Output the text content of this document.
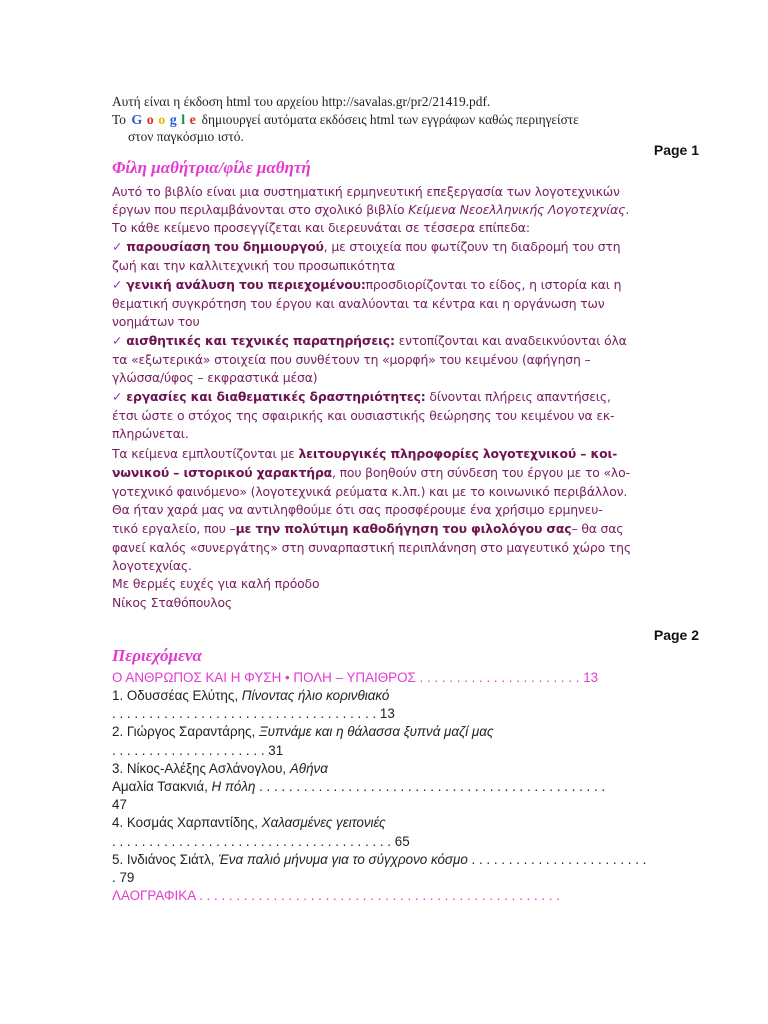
Αυτή είναι η έκδοση html του αρχείου http://savalas.gr/pr2/21419.pdf.
Το G o o g l e δημιουργεί αυτόματα εκδόσεις html των εγγράφων καθώς περιηγείστε
στον παγκόσμιο ιστό.
Page 1
Φίλη μαθήτρια/φίλε μαθητή
Αυτό το βιβλίο είναι μια συστηματική ερμηνευτική επεξεργασία των λογοτεχνικών
έργων που περιλαμβάνονται στο σχολικό βιβλίο Κείμενα Νεοελληνικής Λογοτεχνίας.
Το κάθε κείμενο προσεγγίζεται και διερευνάται σε τέσσερα επίπεδα:
✓ παρουσίαση του δημιουργού, με στοιχεία που φωτίζουν τη διαδρομή του στη
ζωή και την καλλιτεχνική του προσωπικότητα
✓ γενική ανάλυση του περιεχομένου:προσδιορίζονται το είδος, η ιστορία και η
θεματική συγκρότηση του έργου και αναλύονται τα κέντρα και η οργάνωση των
νοημάτων του
✓ αισθητικές και τεχνικές παρατηρήσεις: εντοπίζονται και αναδεικνύονται όλα
τα «εξωτερικά» στοιχεία που συνθέτουν τη «μορφή» του κειμένου (αφήγηση –
γλώσσα/ύφος – εκφραστικά μέσα)
✓ εργασίες και διαθεματικές δραστηριότητες: δίνονται πλήρεις απαντήσεις,
έτσι ώστε ο στόχος της σφαιρικής και ουσιαστικής θεώρησης του κειμένου να εκ-
πληρώνεται.
Τα κείμενα εμπλουτίζονται με λειτουργικές πληροφορίες λογοτεχνικού – κοι-
νωνικού – ιστορικού χαρακτήρα, που βοηθούν στη σύνδεση του έργου με το «λο-
γοτεχνικό φαινόμενο» (λογοτεχνικά ρεύματα κ.λπ.) και με το κοινωνικό περιβάλλον.
Θα ήταν χαρά μας να αντιληφθούμε ότι σας προσφέρουμε ένα χρήσιμο ερμηνευ-
τικό εργαλείο, που –με την πολύτιμη καθοδήγηση του φιλολόγου σας– θα σας
φανεί καλός «συνεργάτης» στη συναρπαστική περιπλάνηση στο μαγευτικό χώρο της
λογοτεχνίας.
Με θερμές ευχές για καλή πρόοδο
Νίκος Σταθόπουλος
Page 2
Περιεχόμενα
Ο ΑΝΘΡΩΠΟΣ ΚΑΙ Η ΦΥΣΗ • ΠΟΛΗ – ΥΠΑΙΘΡΟΣ . . . . . . . . . . . . . . . . . . . . . . 13
1. Οδυσσέας Ελύτης, Πίνοντας ήλιο κορινθιακό
. . . . . . . . . . . . . . . . . . . . . . . . . . . . . . . . . . . . 13
2. Γιώργος Σαραντάρης, Ξυπνάμε και η θάλασσα ξυπνά μαζί μας
. . . . . . . . . . . . . . . . . . . . . 31
3. Νίκος-Αλέξης Ασλάνογλου, Αθήνα
Αμαλία Τσακνιά, Η πόλη . . . . . . . . . . . . . . . . . . . . . . . . . . . . . . . . . . . . . . . . . . . . . . .
47
4. Κοσμάς Χαρπαντίδης, Χαλασμένες γειτονιές
. . . . . . . . . . . . . . . . . . . . . . . . . . . . . . . . . . . . . . 65
5. Ινδιάνος Σιάτλ, Ένα παλιό μήνυμα για το σύγχρονο κόσμο . . . . . . . . . . . . . . . . . . . . . . . .
. 79
ΛΑΟΓΡΑΦΙΚΑ . . . . . . . . . . . . . . . . . . . . . . . . . . . . . . . . . . . . . . . . . . . . . . . . .
